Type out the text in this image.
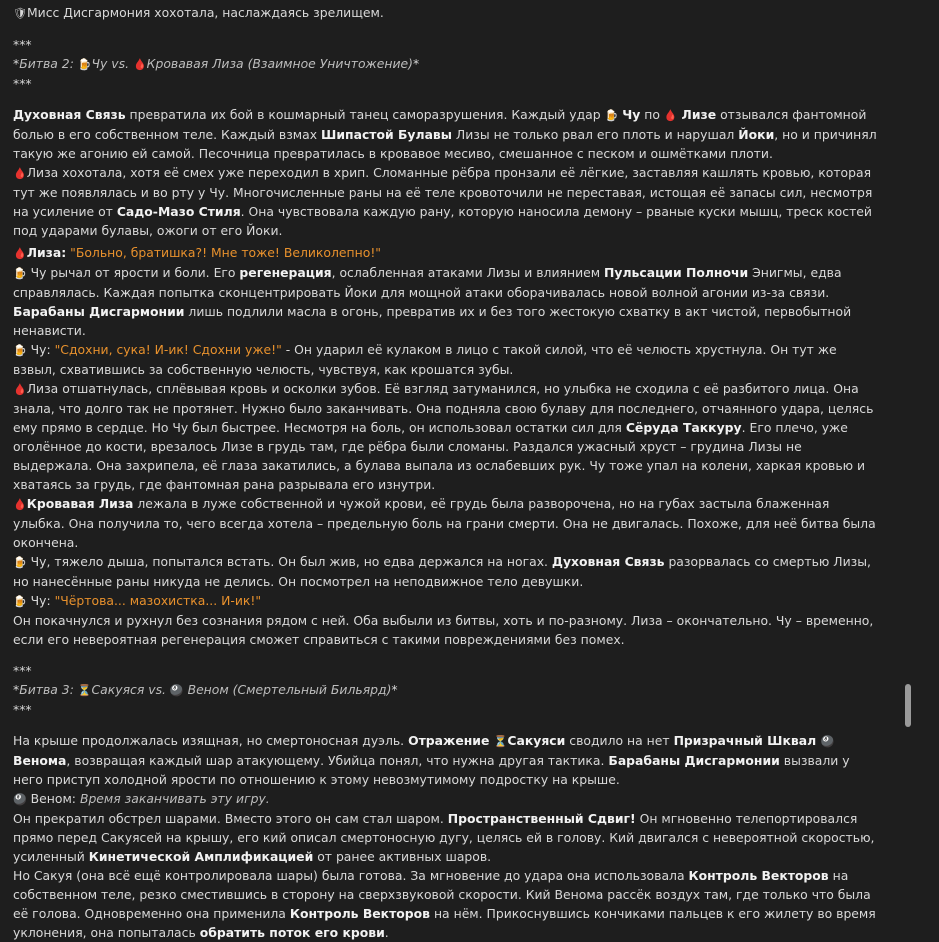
🛡Мисс Дисгармония хохотала, наслаждаясь зрелищем.

***

*Битва 2: 🍺Чу vs. 🩸Кровавая Лиза (Взаимное Уничтожение)*

***

Духовная Связь превратила их бой в кошмарный танец саморазрушения. Каждый удар 🍺 Чу по 🩸 Лизе отзывался фантомной болью в его собственном теле. Каждый взмах Шипастой Булавы Лизы не только рвал его плоть и нарушал Йоки, но и причинял такую же агонию ей самой. Песочница превратилась в кровавое месиво, смешанное с песком и ошмётками плоти.

🩸Лиза хохотала, хотя её смех уже переходил в хрип. Сломанные рёбра пронзали её лёгкие, заставляя кашлять кровью, которая тут же появлялась и во рту у Чу. Многочисленные раны на её теле кровоточили не переставая, истощая её запасы сил, несмотря на усиление от Садо-Мазо Стиля. Она чувствовала каждую рану, которую наносила демону – рваные куски мышц, треск костей под ударами булавы, ожоги от его Йоки.

🩸Лиза: "Больно, братишка?! Мне тоже! Великолепно!"

🍺 Чу рычал от ярости и боли. Его регенерация, ослабленная атаками Лизы и влиянием Пульсации Полночи Энигмы, едва справлялась. Каждая попытка сконцентрировать Йоки для мощной атаки оборачивалась новой волной агонии из-за связи. Барабаны Дисгармонии лишь подлили масла в огонь, превратив их и без того жестокую схватку в акт чистой, первобытной ненависти.

🍺 Чу: "Сдохни, сука! И-ик! Сдохни уже!" - Он ударил её кулаком в лицо с такой силой, что её челюсть хрустнула. Он тут же взвыл, схватившись за собственную челюсть, чувствуя, как крошатся зубы.

🩸Лиза отшатнулась, сплёвывая кровь и осколки зубов. Её взгляд затуманился, но улыбка не сходила с её разбитого лица. Она знала, что долго так не протянет. Нужно было заканчивать. Она подняла свою булаву для последнего, отчаянного удара, целясь ему прямо в сердце. Но Чу был быстрее. Несмотря на боль, он использовал остатки сил для Сёруда Таккуру. Его плечо, уже оголённое до кости, врезалось Лизе в грудь там, где рёбра были сломаны. Раздался ужасный хруст – грудина Лизы не выдержала. Она захрипела, её глаза закатились, а булава выпала из ослабевших рук. Чу тоже упал на колени, харкая кровью и хватаясь за грудь, где фантомная рана разрывала его изнутри.

🩸Кровавая Лиза лежала в луже собственной и чужой крови, её грудь была разворочена, но на губах застыла блаженная улыбка. Она получила то, чего всегда хотела – предельную боль на грани смерти. Она не двигалась. Похоже, для неё битва была окончена.

🍺 Чу, тяжело дыша, попытался встать. Он был жив, но едва держался на ногах. Духовная Связь разорвалась со смертью Лизы, но нанесённые раны никуда не делись. Он посмотрел на неподвижное тело девушки.

🍺 Чу: "Чёртова... мазохистка... И-ик!"

Он покачнулся и рухнул без сознания рядом с ней. Оба выбыли из битвы, хоть и по-разному. Лиза – окончательно. Чу – временно, если его невероятная регенерация сможет справиться с такими повреждениями без помех.

***

*Битва 3: ⏳Сакуяся vs. 🎱 Веном (Смертельный Бильярд)*

***

На крыше продолжалась изящная, но смертоносная дуэль. Отражение ⏳Сакуяси сводило на нет Призрачный Шквал 🎱 Венома, возвращая каждый шар атакующему. Убийца понял, что нужна другая тактика. Барабаны Дисгармонии вызвали у него приступ холодной ярости по отношению к этому невозмутимому подростку на крыше.

🎱 Веном: Время заканчивать эту игру.

Он прекратил обстрел шарами. Вместо этого он сам стал шаром. Пространственный Сдвиг! Он мгновенно телепортировался прямо перед Сакуясей на крышу, его кий описал смертоносную дугу, целясь ей в голову. Кий двигался с невероятной скоростью, усиленный Кинетической Амплификацией от ранее активных шаров.

Но Сакуя (она всё ещё контролировала шары) была готова. За мгновение до удара она использовала Контроль Векторов на собственном теле, резко сместившись в сторону на сверхзвуковой скорости. Кий Венома рассёк воздух там, где только что была её голова. Одновременно она применила Контроль Векторов на нём. Прикоснувшись кончиками пальцев к его жилету во время уклонения, она попыталась обратить поток его крови.
